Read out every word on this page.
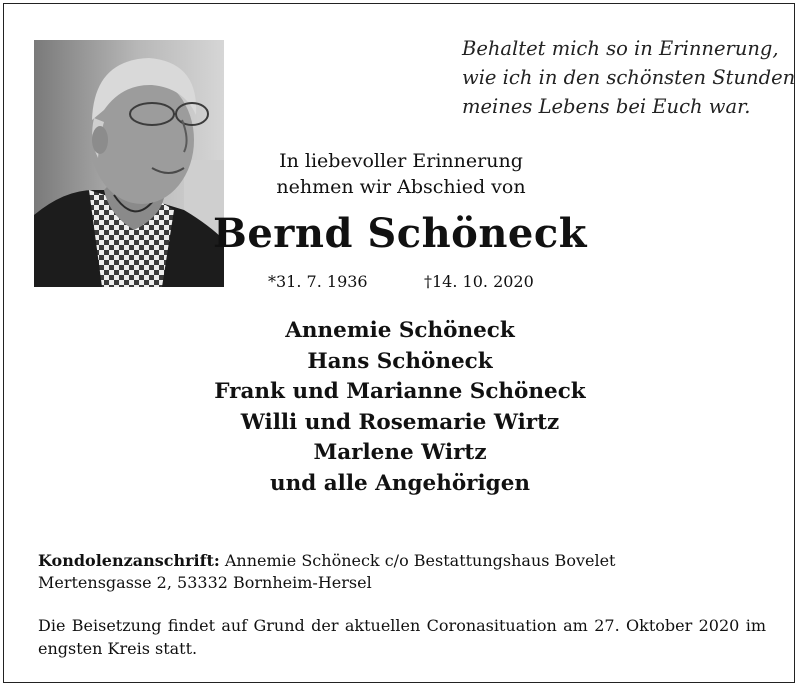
Behaltet mich so in Erinnerung,
wie ich in den schönsten Stunden
meines Lebens bei Euch war.
In liebevoller Erinnerung
nehmen wir Abschied von
Bernd Schöneck
*31. 7. 1936	†14. 10. 2020
Annemie Schöneck
Hans Schöneck
Frank und Marianne Schöneck
Willi und Rosemarie Wirtz
Marlene Wirtz
und alle Angehörigen
Kondolenzanschrift: Annemie Schöneck c/o Bestattungshaus Bovelet
Mertensgasse 2, 53332 Bornheim-Hersel
Die Beisetzung findet auf Grund der aktuellen Coronasituation am 27. Oktober 2020 im engsten Kreis statt.
